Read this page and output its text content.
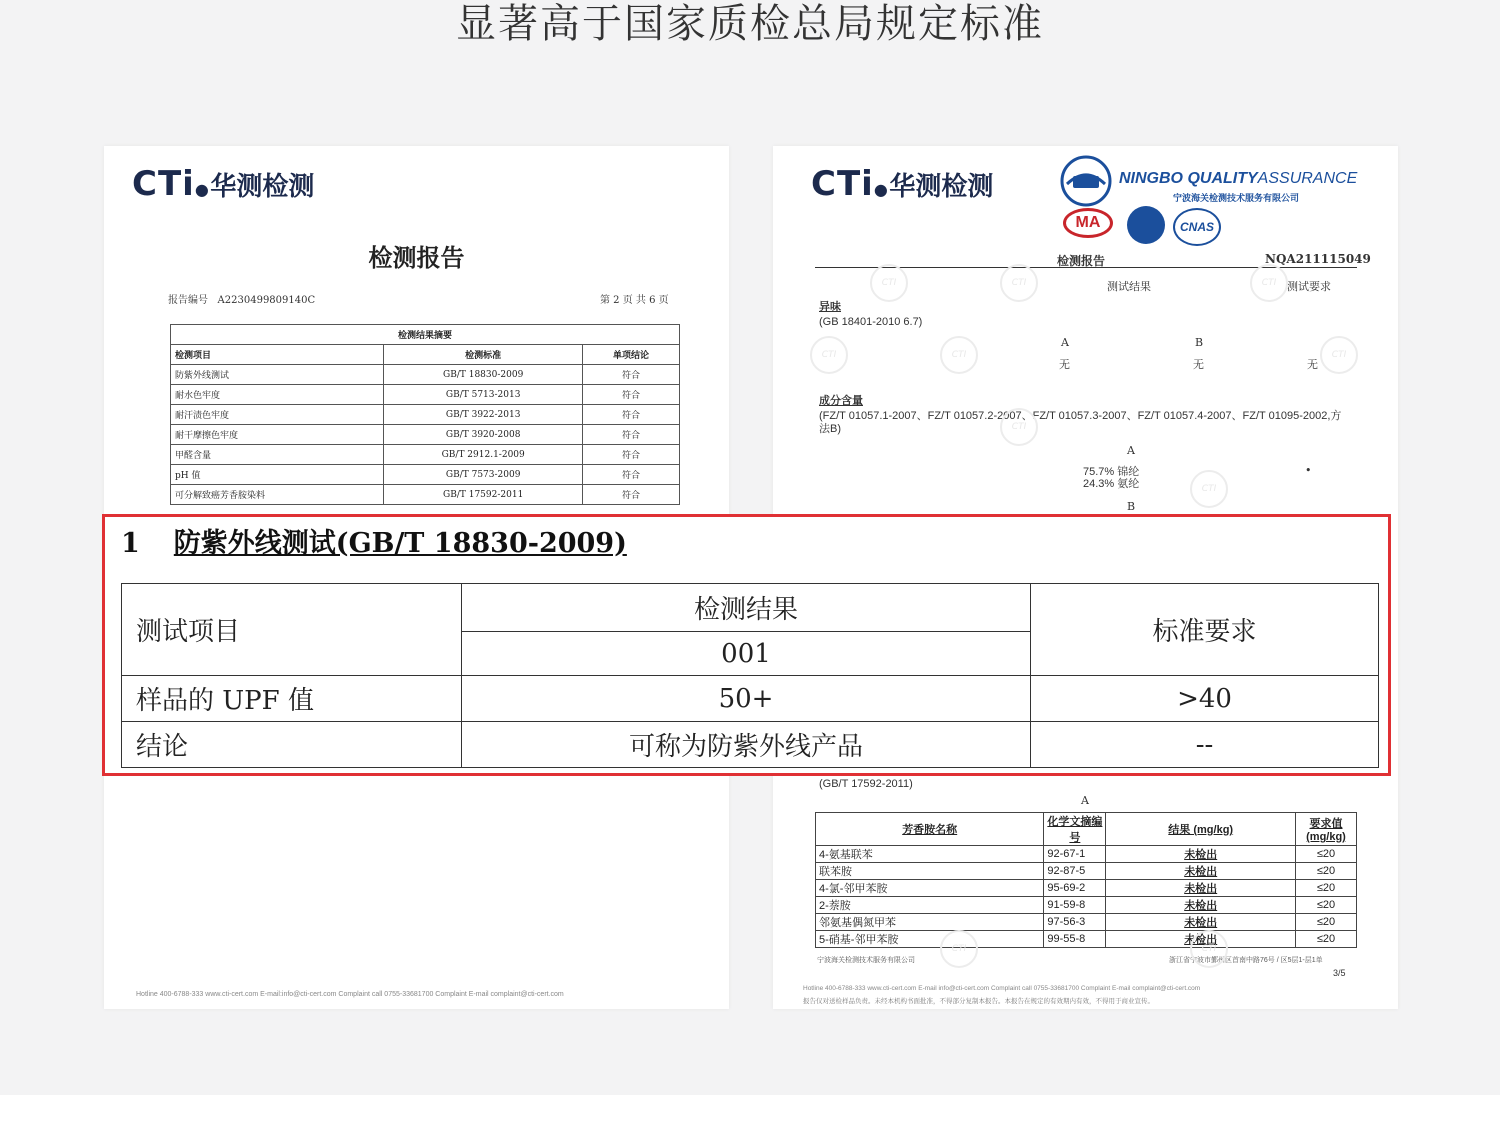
显著高于国家质检总局规定标准
CTi● 华测检测
检测报告
报告编号 A2230499809140C	第 2 页 共 6 页
检测结果摘要		
检测项目	检测标准	单项结论
防紫外线测试	GB/T 18830-2009	符合
耐水色牢度	GB/T 5713-2013	符合
耐汗渍色牢度	GB/T 3922-2013	符合
耐干摩擦色牢度	GB/T 3920-2008	符合
甲醛含量	GB/T 2912.1-2009	符合
pH 值	GB/T 7573-2009	符合
可分解致癌芳香胺染料	GB/T 17592-2011	符合
Hotline 400-6788-333 www.cti-cert.com E-mail:info@cti-cert.com Complaint call 0755-33681700 Complaint E-mail complaint@cti-cert.com
CTi● 华测检测	NINGBO QUALITYASSURANCE
宁波海关检测技术服务有限公司
MA	CNAS
检测报告	NQA211115049
测试结果	测试要求
异味
(GB 18401-2010 6.7)
A	B
无	无	无
成分含量
(FZ/T 01057.1-2007、FZ/T 01057.2-2007、FZ/T 01057.3-2007、FZ/T 01057.4-2007、FZ/T 01095-2002,方法B)
A
75.7% 锦纶
24.3% 氨纶
•
B
(GB/T 17592-2011)
A
芳香胺名称	化学文摘编号	结果 (mg/kg)	要求值 (mg/kg)
4-氨基联苯	92-67-1	未检出	≤20
联苯胺	92-87-5	未检出	≤20
4-氯-邻甲苯胺	95-69-2	未检出	≤20
2-萘胺	91-59-8	未检出	≤20
邻氨基偶氮甲苯	97-56-3	未检出	≤20
5-硝基-邻甲苯胺	99-55-8	未检出	≤20
宁波海关检测技术服务有限公司	浙江省宁波市鄞州区首南中路76号 / 区5层1-层1单
3/5
Hotline 400-6788-333 www.cti-cert.com E-mail info@cti-cert.com Complaint call 0755-33681700 Complaint E-mail complaint@cti-cert.com
报告仅对送检样品负责。未经本机构书面批准，不得部分复制本报告。本报告在规定的有效期内有效，不得用于商业宣传。
CTI	CTI	CTI
CTI	CTI	CTI
CTI
CTI
CTI	CTI
1 防紫外线测试(GB/T 18830-2009)
测试项目	检测结果	标准要求
	001	
样品的 UPF 值	50+	>40
结论	可称为防紫外线产品	--
